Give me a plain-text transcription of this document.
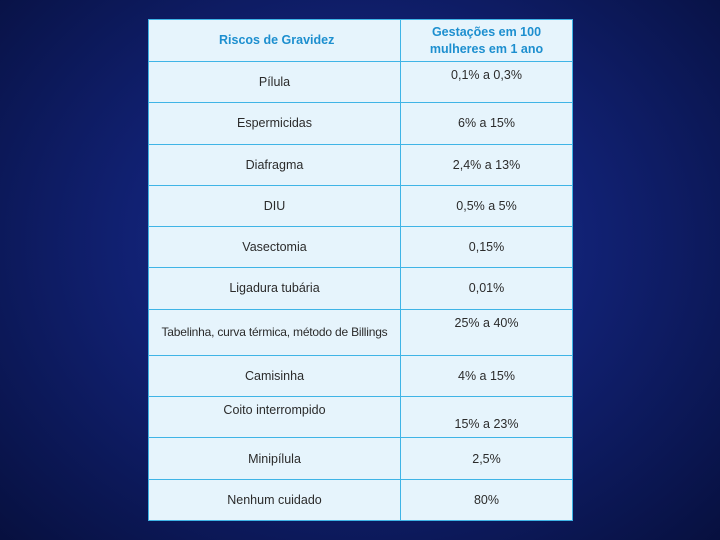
Riscos de Gravidez	Gestações em 100 mulheres em 1 ano
Pílula	0,1% a 0,3%
Espermicidas	6% a 15%
Diafragma	2,4% a 13%
DIU	0,5% a 5%
Vasectomia	0,15%
Ligadura tubária	0,01%
Tabelinha, curva térmica, método de Billings	25% a 40%
Camisinha	4% a 15%
Coito interrompido	15% a 23%
Minipílula	2,5%
Nenhum cuidado	80%
